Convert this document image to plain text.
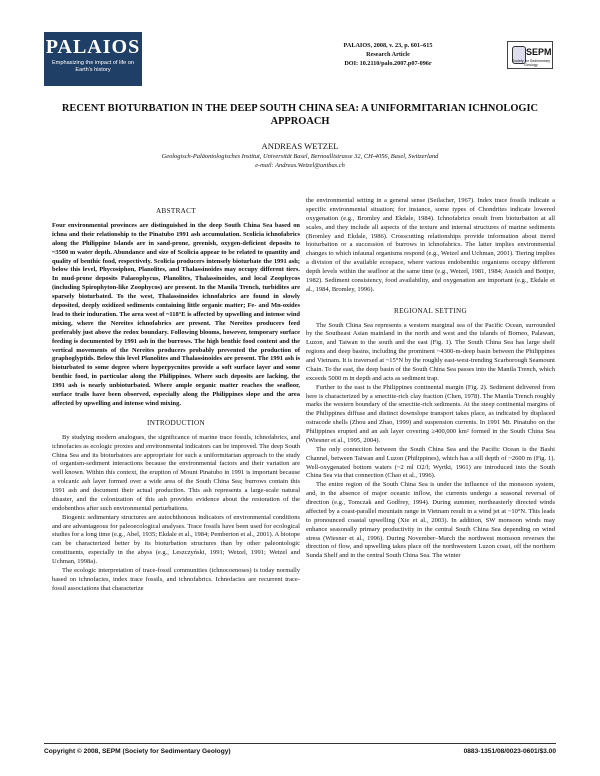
PALAIOS
Emphasizing the impact of life on Earth's history
PALAIOS, 2008, v. 23, p. 601–615
Research Article
DOI: 10.2110/palo.2007.p07-096r
SEPM
Society for Sedimentary Geology
RECENT BIOTURBATION IN THE DEEP SOUTH CHINA SEA: A UNIFORMITARIAN ICHNOLOGIC APPROACH
ANDREAS WETZEL
Geologisch-Paläontologisches Institut, Universität Basel, Bernoullistrasse 32, CH-4056, Basel, Switzerland
e-mail: Andreas.Wetzel@unibas.ch
ABSTRACT

Four environmental provinces are distinguished in the deep South China Sea based on ichna and their relationship to the Pinatubo 1991 ash accumulation. Scolicia ichnofabrics along the Philippine Islands are in sand-prone, greenish, oxygen-deficient deposits to ~3500 m water depth. Abundance and size of Scolicia appear to be related to quantity and quality of benthic food, respectively. Scolicia producers intensely bioturbate the 1991 ash; below this level, Phycosiphon, Planolites, and Thalassinoides may occupy different tiers. In mud-prone deposits Palaeophycus, Planolites, Thalassinoides, and local Zoophycos (including Spirophyton-like Zoophycos) are present. In the Manila Trench, turbidites are sparsely bioturbated. To the west, Thalassinoides ichnofabrics are found in slowly deposited, deeply oxidized sediments containing little organic matter; Fe- and Mn-oxides lead to their induration. The area west of ~118°E is affected by upwelling and intense wind mixing, where the Nereites ichnofabrics are present. The Nereites producers feed preferably just above the redox boundary. Following blooms, however, temporary surface feeding is documented by 1991 ash in the burrows. The high benthic food content and the vertical movements of the Nereites producers probably prevented the production of graphoglyptids. Below this level Planolites and Thalassinoides are present. The 1991 ash is bioturbated to some degree where hyperpycnites provide a soft surface layer and some benthic food, in particular along the Philippines. Where such deposits are lacking, the 1991 ash is nearly unbioturbated. Where ample organic matter reaches the seafloor, surface trails have been observed, especially along the Philippines slope and the area affected by upwelling and intense wind mixing.

INTRODUCTION

By studying modern analogues, the significance of marine trace fossils, ichnofabrics, and ichnofacies as ecologic proxies and environmental indicators can be improved. The deep South China Sea and its bioturbators are appropriate for such a uniformitarian approach to the study of organism-sediment interactions because the environmental factors and their variation are well known. Within this context, the eruption of Mount Pinatubo in 1991 is important because a volcanic ash layer formed over a wide area of the South China Sea; burrows contain this 1991 ash and document their actual production. This ash represents a large-scale natural disaster, and the colonization of this ash provides evidence about the restoration of the endobenthos after such environmental perturbations.

Biogenic sedimentary structures are autochthonous indicators of environmental conditions and are advantageous for paleoecological analyses. Trace fossils have been used for ecological studies for a long time (e.g., Abel, 1935; Ekdale et al., 1984; Pemberton et al., 2001). A biotope can be characterized better by its bioturbation structures than by other paleontologic constituents, especially in the abyss (e.g., Leszczyński, 1991; Wetzel, 1991; Wetzel and Uchman, 1998a).

The ecologic interpretation of trace-fossil communities (ichnocoenoses) is today normally based on ichnofacies, index trace fossils, and ichnofabrics. Ichnofacies are recurrent trace-fossil associations that characterize

the environmental setting in a general sense (Seilacher, 1967). Index trace fossils indicate a specific environmental situation; for instance, some types of Chondrites indicate lowered oxygenation (e.g., Bromley and Ekdale, 1984). Ichnofabrics result from bioturbation at all scales, and they include all aspects of the texture and internal structures of marine sediments (Bromley and Ekdale, 1986). Crosscutting relationships provide information about tiered bioturbation or a succession of burrows in ichnofabrics. The latter implies environmental changes to which infaunal organisms respond (e.g., Wetzel and Uchman, 2001). Tiering implies a division of the available ecospace, where various endobenthic organisms occupy different depth levels within the seafloor at the same time (e.g., Wetzel, 1981, 1984; Ausich and Bottjer, 1982). Sediment consistency, food availability, and oxygenation are important (e.g., Ekdale et al., 1984, Bromley, 1996).

REGIONAL SETTING

The South China Sea represents a western marginal sea of the Pacific Ocean, surrounded by the Southeast Asian mainland in the north and west and the islands of Borneo, Palawan, Luzon, and Taiwan to the south and the east (Fig. 1). The South China Sea has large shelf regions and deep basins, including the prominent ~4300-m-deep basin between the Philippines and Vietnam. It is traversed at ~15°N by the roughly east-west-trending Scarborough Seamount Chain. To the east, the deep basin of the South China Sea passes into the Manila Trench, which exceeds 5000 m in depth and acts as sediment trap.

Further to the east is the Philippines continental margin (Fig. 2). Sediment delivered from here is characterized by a smectite-rich clay fraction (Chen, 1978). The Manila Trench roughly marks the western boundary of the smectite-rich sediments. At the steep continental margins of the Philippines diffuse and distinct downslope transport takes place, as indicated by displaced ostracode shells (Zhou and Zhao, 1999) and suspension currents. In 1991 Mt. Pinatubo on the Philippines erupted and an ash layer covering ≥400,000 km² formed in the South China Sea (Wiesner et al., 1995, 2004).

The only connection between the South China Sea and the Pacific Ocean is the Bashi Channel, between Taiwan and Luzon (Philippines), which has a sill depth of ~2600 m (Fig. 1). Well-oxygenated bottom waters (~2 ml O2/l; Wyrtki, 1961) are introduced into the South China Sea via that connection (Chao et al., 1996).

The entire region of the South China Sea is under the influence of the monsoon system, and, in the absence of major oceanic inflow, the currents undergo a seasonal reversal of direction (e.g., Tomczak and Godfrey, 1994). During summer, northeasterly directed winds affected by a coast-parallel mountain range in Vietnam result in a wind jet at ~10°N. This leads to pronounced coastal upwelling (Xie et al., 2003). In addition, SW monsoon winds may enhance seasonally primary productivity in the central South China Sea depending on wind stress (Wiesner et al., 1996). During November–March the northwest monsoon reverses the direction of flow, and upwelling takes place off the northwestern Luzon coast, off the northern Sunda Shelf and in the central South China Sea. The winter

Copyright © 2008, SEPM (Society for Sedimentary Geology)	0883-1351/08/0023-0601/$3.00
